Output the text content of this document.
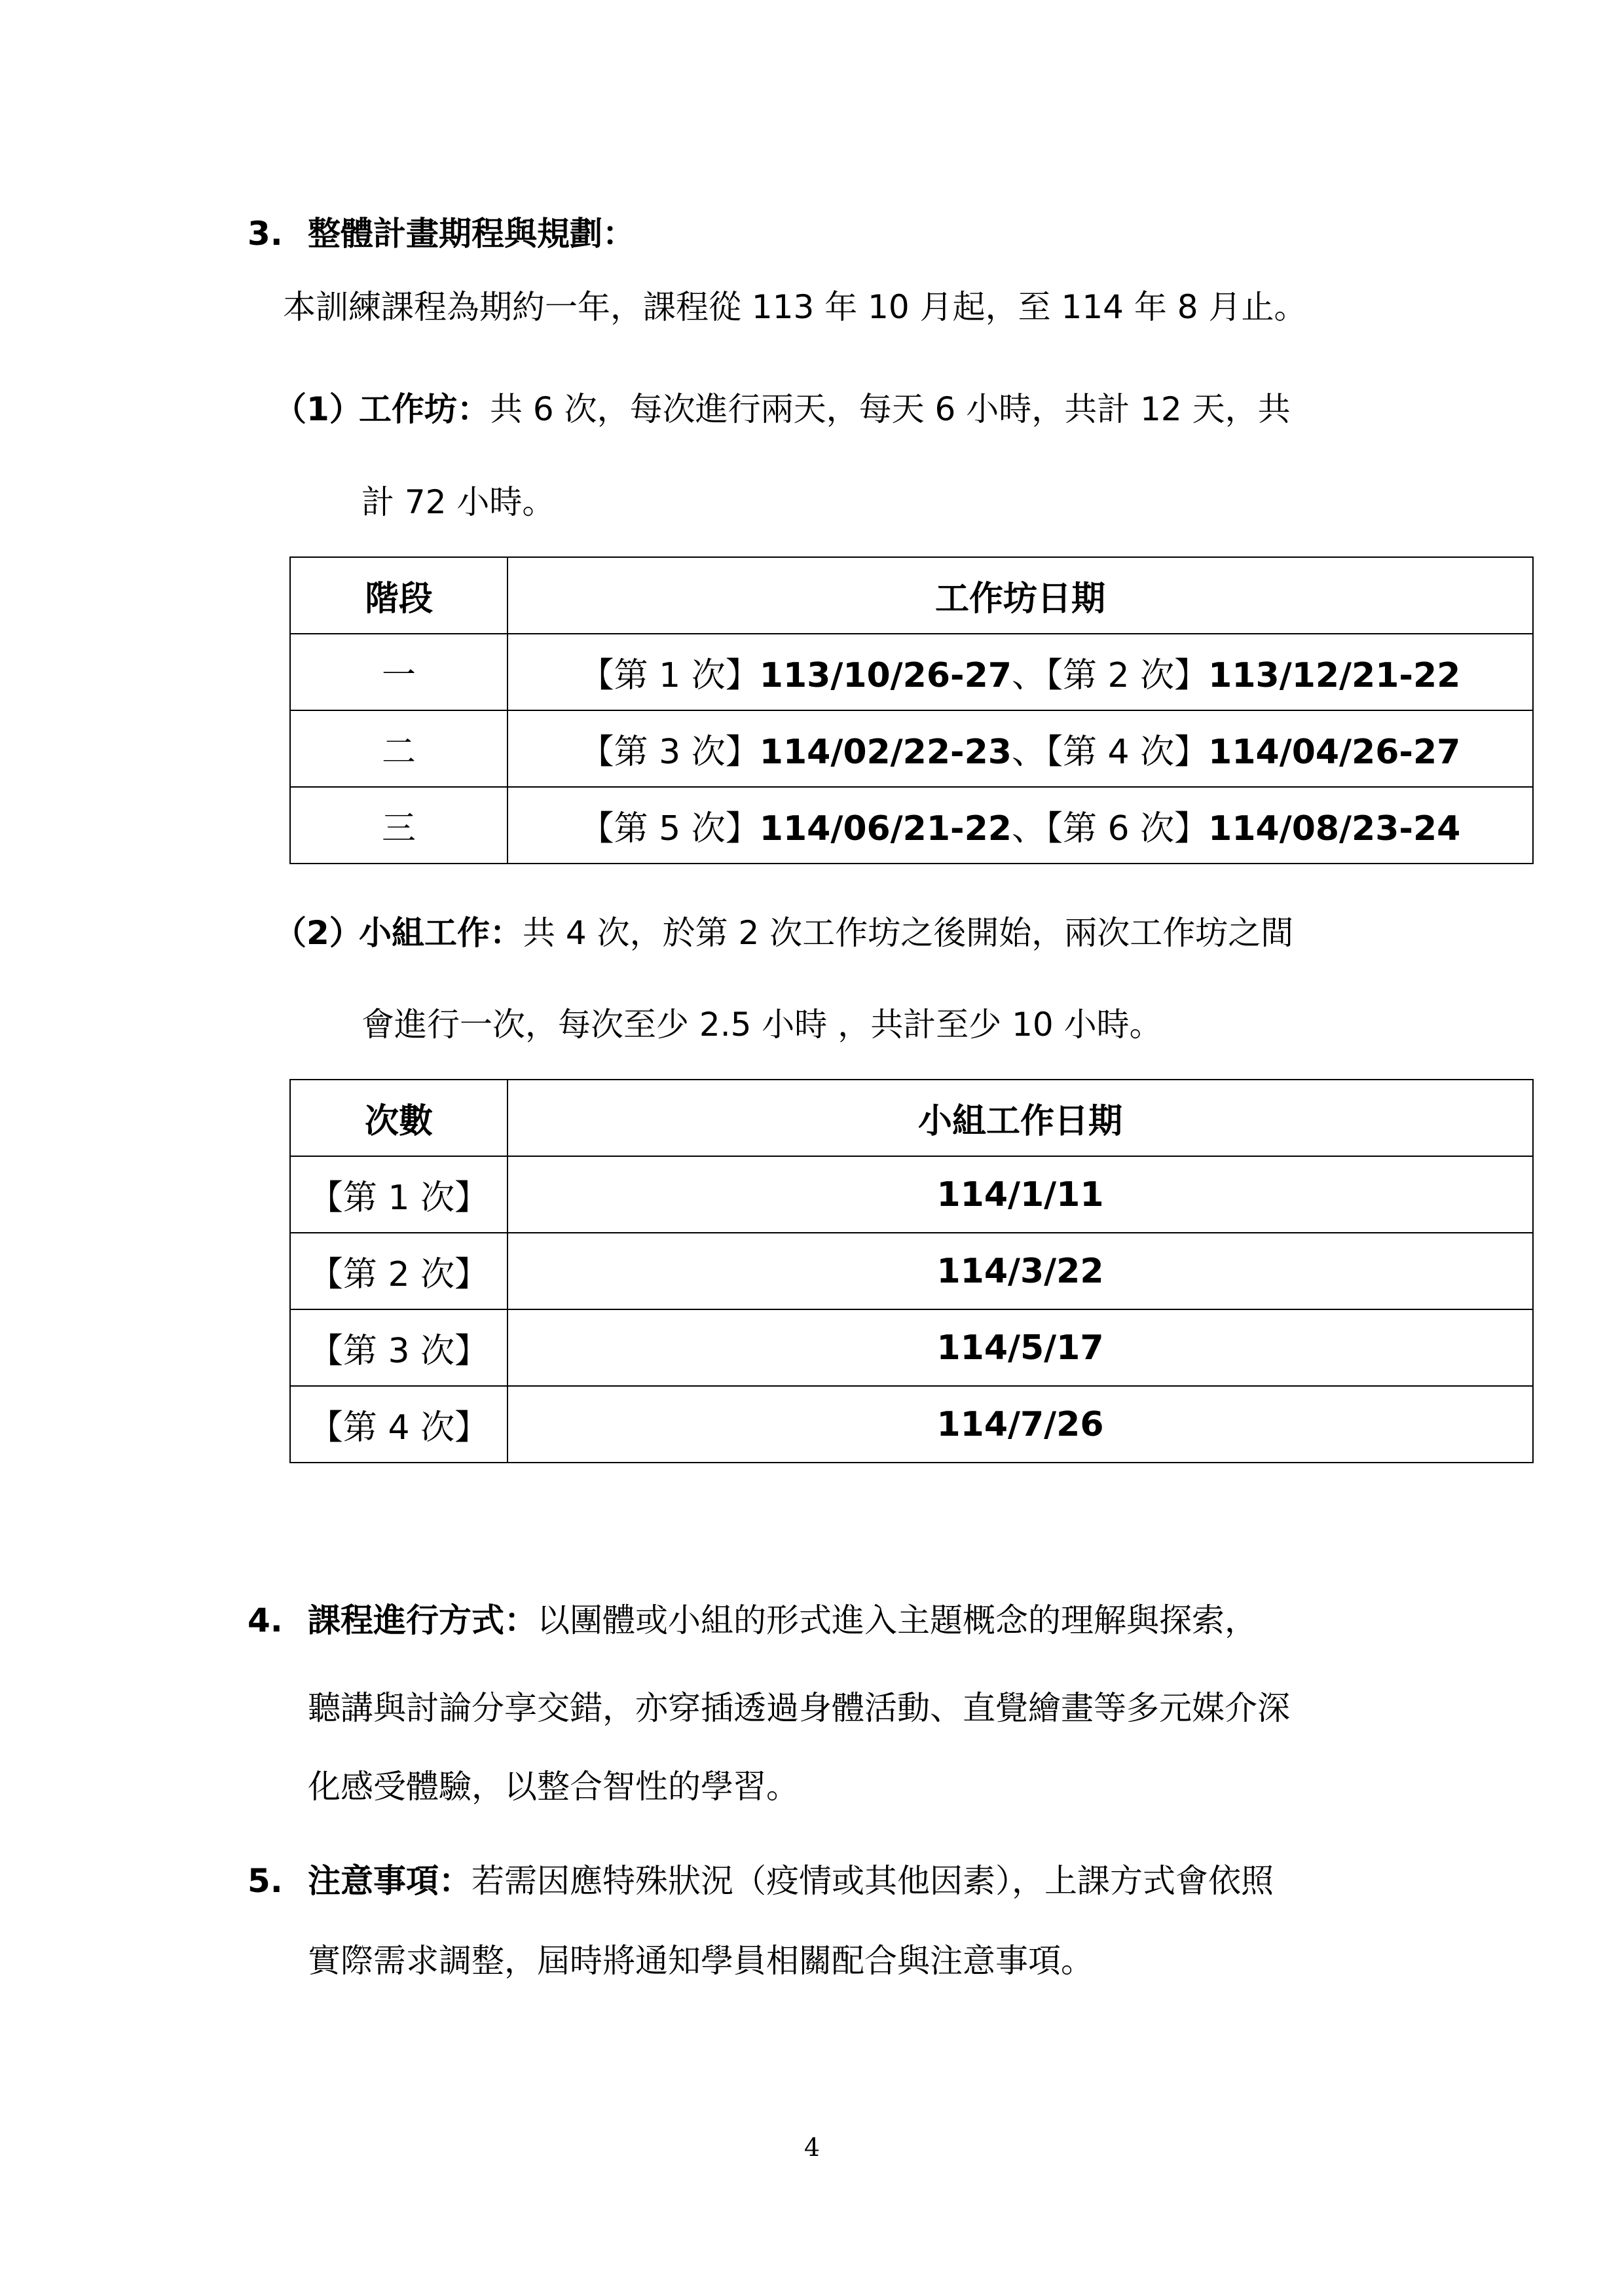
3. 整體計畫期程與規劃：
本訓練課程為期約一年，課程從 113 年 10 月起，至 114 年 8 月止。
（1）工作坊：共 6 次，每次進行兩天，每天 6 小時，共計 12 天，共
計 72 小時。
階段	工作坊日期
一	【第 1 次】113/10/26-27、【第 2 次】113/12/21-22
二	【第 3 次】114/02/22-23、【第 4 次】114/04/26-27
三	【第 5 次】114/06/21-22、【第 6 次】114/08/23-24
（2）小組工作：共 4 次，於第 2 次工作坊之後開始，兩次工作坊之間
會進行一次，每次至少 2.5 小時 ，共計至少 10 小時。
次數	小組工作日期
【第 1 次】	114/1/11
【第 2 次】	114/3/22
【第 3 次】	114/5/17
【第 4 次】	114/7/26
4. 課程進行方式：以團體或小組的形式進入主題概念的理解與探索，
聽講與討論分享交錯，亦穿插透過身體活動、直覺繪畫等多元媒介深
化感受體驗，以整合智性的學習。
5. 注意事項：若需因應特殊狀況（疫情或其他因素），上課方式會依照
實際需求調整，屆時將通知學員相關配合與注意事項。
4
